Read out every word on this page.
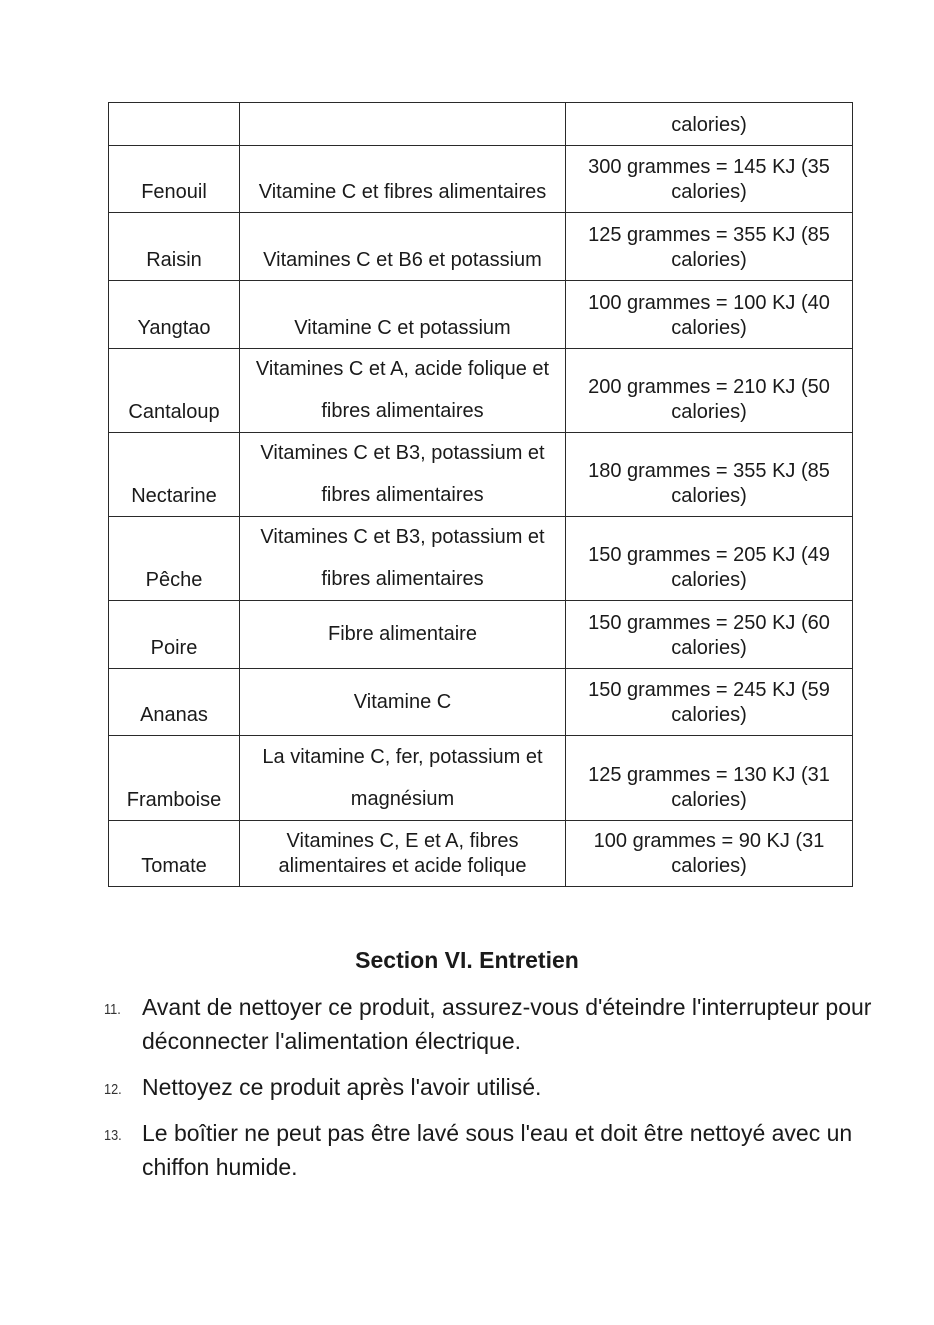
		calories)

Fenouil	Vitamine C et fibres alimentaires	300 grammes = 145 KJ (35
calories)

Raisin	Vitamines C et B6 et potassium	125 grammes = 355 KJ (85
calories)

Yangtao	Vitamine C et potassium	100 grammes = 100 KJ (40
calories)

Cantaloup	Vitamines C et A, acide folique et
fibres alimentaires	200 grammes = 210 KJ (50
calories)

Nectarine	Vitamines C et B3, potassium et
fibres alimentaires	180 grammes = 355 KJ (85
calories)

Pêche	Vitamines C et B3, potassium et
fibres alimentaires	150 grammes = 205 KJ (49
calories)

Poire	Fibre alimentaire	150 grammes = 250 KJ (60
calories)

Ananas	Vitamine C	150 grammes = 245 KJ (59
calories)

Framboise	La vitamine C, fer, potassium et
magnésium	125 grammes = 130 KJ (31
calories)

Tomate	Vitamines C, E et A, fibres
alimentaires et acide folique	100 grammes = 90 KJ (31
calories)
Section VI. Entretien
11. Avant de nettoyer ce produit, assurez-vous d'éteindre l'interrupteur pour déconnecter l'alimentation électrique.
12. Nettoyez ce produit après l'avoir utilisé.
13. Le boîtier ne peut pas être lavé sous l'eau et doit être nettoyé avec un chiffon humide.
